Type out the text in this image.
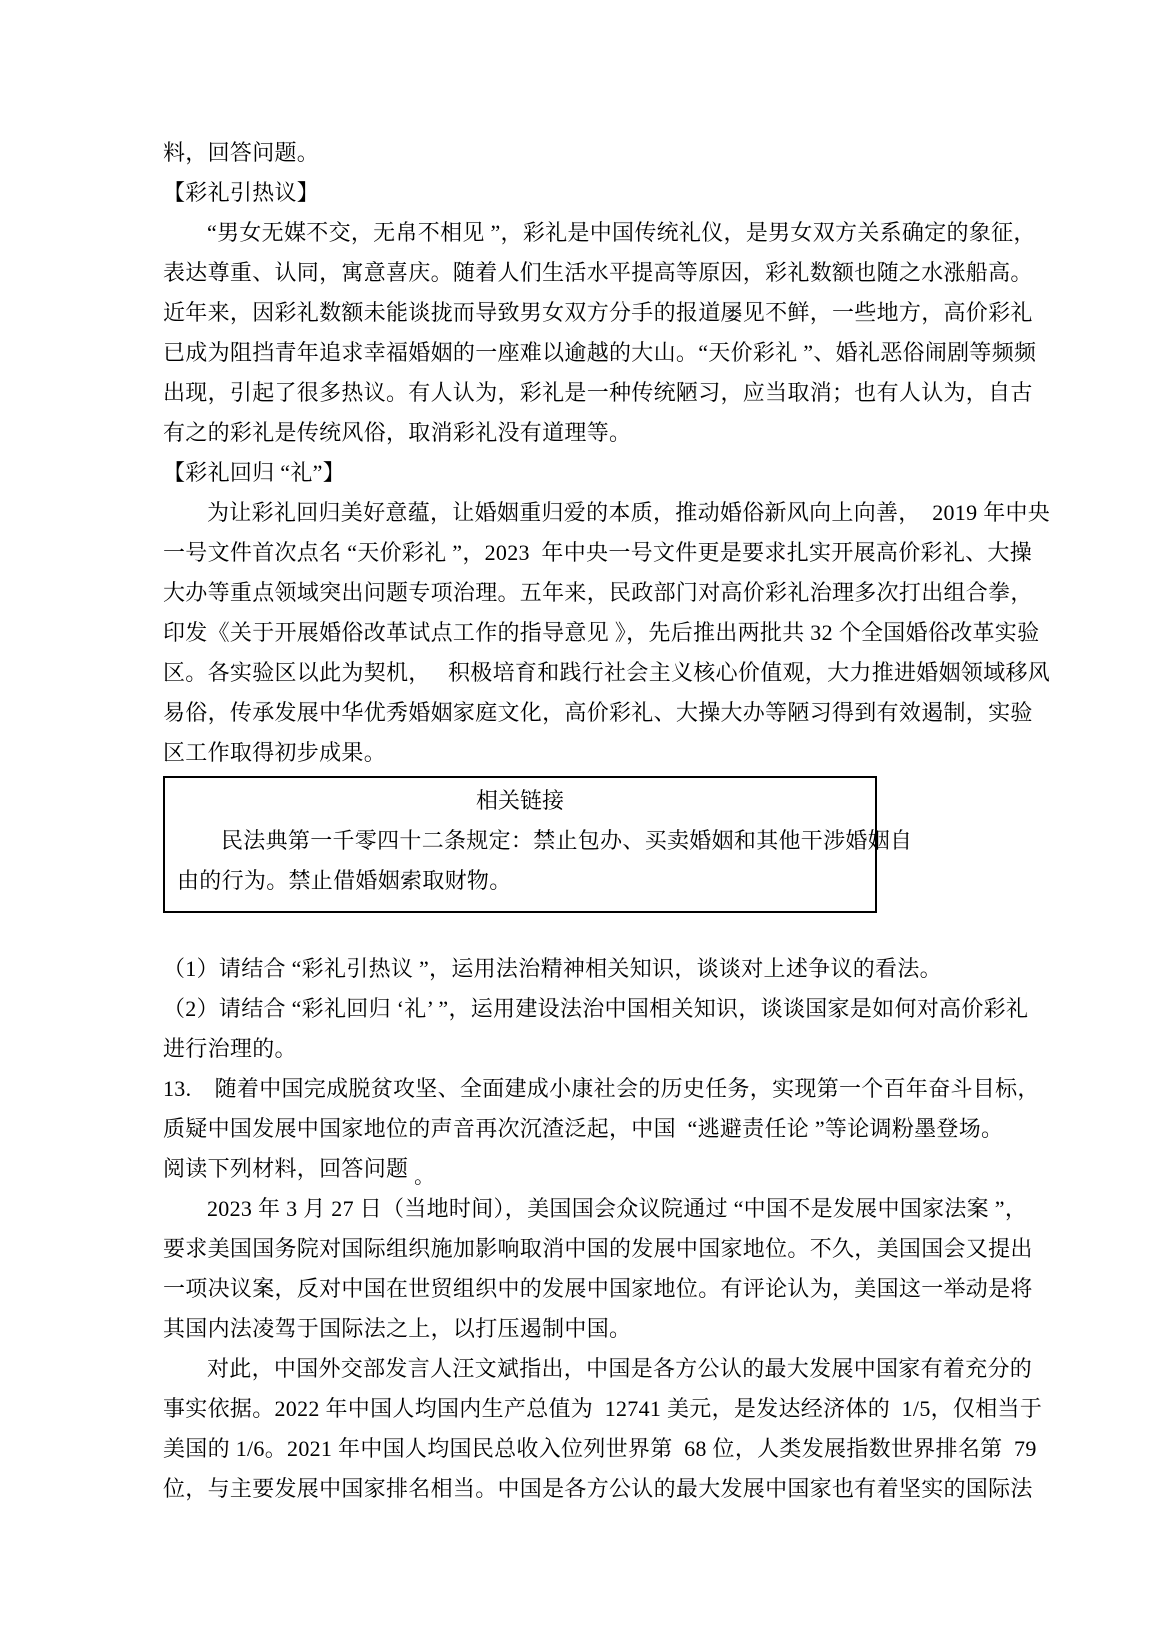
料，回答问题。
【彩礼引热议】
“男女无媒不交，无帛不相见 ”，彩礼是中国传统礼仪，是男女双方关系确定的象征，
表达尊重、认同，寓意喜庆。随着人们生活水平提高等原因，彩礼数额也随之水涨船高。
近年来，因彩礼数额未能谈拢而导致男女双方分手的报道屡见不鲜，一些地方，高价彩礼
已成为阻挡青年追求幸福婚姻的一座难以逾越的大山。“天价彩礼 ”、婚礼恶俗闹剧等频频
出现，引起了很多热议。有人认为，彩礼是一种传统陋习，应当取消；也有人认为，自古
有之的彩礼是传统风俗，取消彩礼没有道理等。
【彩礼回归 “礼”】
为让彩礼回归美好意蕴，让婚姻重归爱的本质，推动婚俗新风向上向善，  2019 年中央
一号文件首次点名 “天价彩礼 ”，2023  年中央一号文件更是要求扎实开展高价彩礼、大操
大办等重点领域突出问题专项治理。五年来，民政部门对高价彩礼治理多次打出组合拳，
印发《关于开展婚俗改革试点工作的指导意见 》，先后推出两批共 32 个全国婚俗改革实验
区。各实验区以此为契机，   积极培育和践行社会主义核心价值观，大力推进婚姻领域移风
易俗，传承发展中华优秀婚姻家庭文化，高价彩礼、大操大办等陋习得到有效遏制，实验
区工作取得初步成果。
相关链接
民法典第一千零四十二条规定：禁止包办、买卖婚姻和其他干涉婚姻自
由的行为。禁止借婚姻索取财物。
（1）请结合 “彩礼引热议 ”，运用法治精神相关知识，谈谈对上述争议的看法。
（2）请结合 “彩礼回归 ‘礼’ ”，运用建设法治中国相关知识，谈谈国家是如何对高价彩礼
进行治理的。
13.    随着中国完成脱贫攻坚、全面建成小康社会的历史任务，实现第一个百年奋斗目标，
质疑中国发展中国家地位的声音再次沉渣泛起，中国  “逃避责任论 ”等论调粉墨登场。
阅读下列材料，回答问题 。
2023 年 3 月 27 日（当地时间），美国国会众议院通过 “中国不是发展中国家法案 ”，
要求美国国务院对国际组织施加影响取消中国的发展中国家地位。不久，美国国会又提出
一项决议案，反对中国在世贸组织中的发展中国家地位。有评论认为，美国这一举动是将
其国内法凌驾于国际法之上，以打压遏制中国。
对此，中国外交部发言人汪文斌指出，中国是各方公认的最大发展中国家有着充分的
事实依据。2022 年中国人均国内生产总值为  12741 美元，是发达经济体的  1/5，仅相当于
美国的 1/6。2021 年中国人均国民总收入位列世界第  68 位，人类发展指数世界排名第  79
位，与主要发展中国家排名相当。中国是各方公认的最大发展中国家也有着坚实的国际法
